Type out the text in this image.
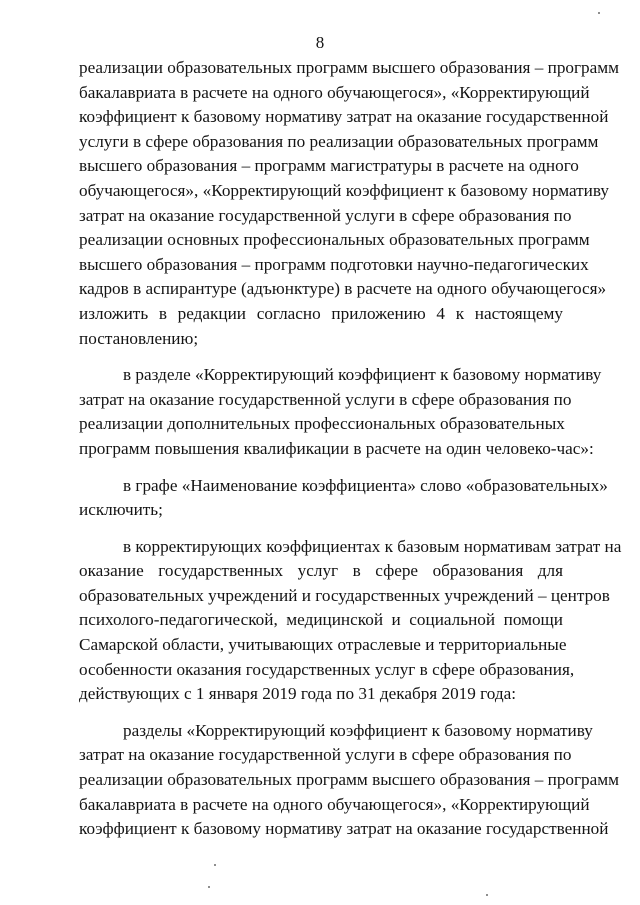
8
реализации образовательных программ высшего образования – программ
бакалавриата в расчете на одного обучающегося», «Корректирующий
коэффициент к базовому нормативу затрат на оказание государственной
услуги в сфере образования по реализации образовательных программ
высшего образования – программ магистратуры в расчете на одного
обучающегося», «Корректирующий коэффициент к базовому нормативу
затрат на оказание государственной услуги в сфере образования по
реализации основных профессиональных образовательных программ
высшего образования – программ подготовки научно-педагогических
кадров в аспирантуре (адъюнктуре) в расчете на одного обучающегося»
изложить в редакции согласно приложению 4 к настоящему
постановлению;
в разделе «Корректирующий коэффициент к базовому нормативу
затрат на оказание государственной услуги в сфере образования по
реализации дополнительных профессиональных образовательных
программ повышения квалификации в расчете на один человеко-час»:
в графе «Наименование коэффициента» слово «образовательных»
исключить;
в корректирующих коэффициентах к базовым нормативам затрат на
оказание государственных услуг в сфере образования для
образовательных учреждений и государственных учреждений – центров
психолого-педагогической, медицинской и социальной помощи
Самарской области, учитывающих отраслевые и территориальные
особенности оказания государственных услуг в сфере образования,
действующих с 1 января 2019 года по 31 декабря 2019 года:
разделы «Корректирующий коэффициент к базовому нормативу
затрат на оказание государственной услуги в сфере образования по
реализации образовательных программ высшего образования – программ
бакалавриата в расчете на одного обучающегося», «Корректирующий
коэффициент к базовому нормативу затрат на оказание государственной
